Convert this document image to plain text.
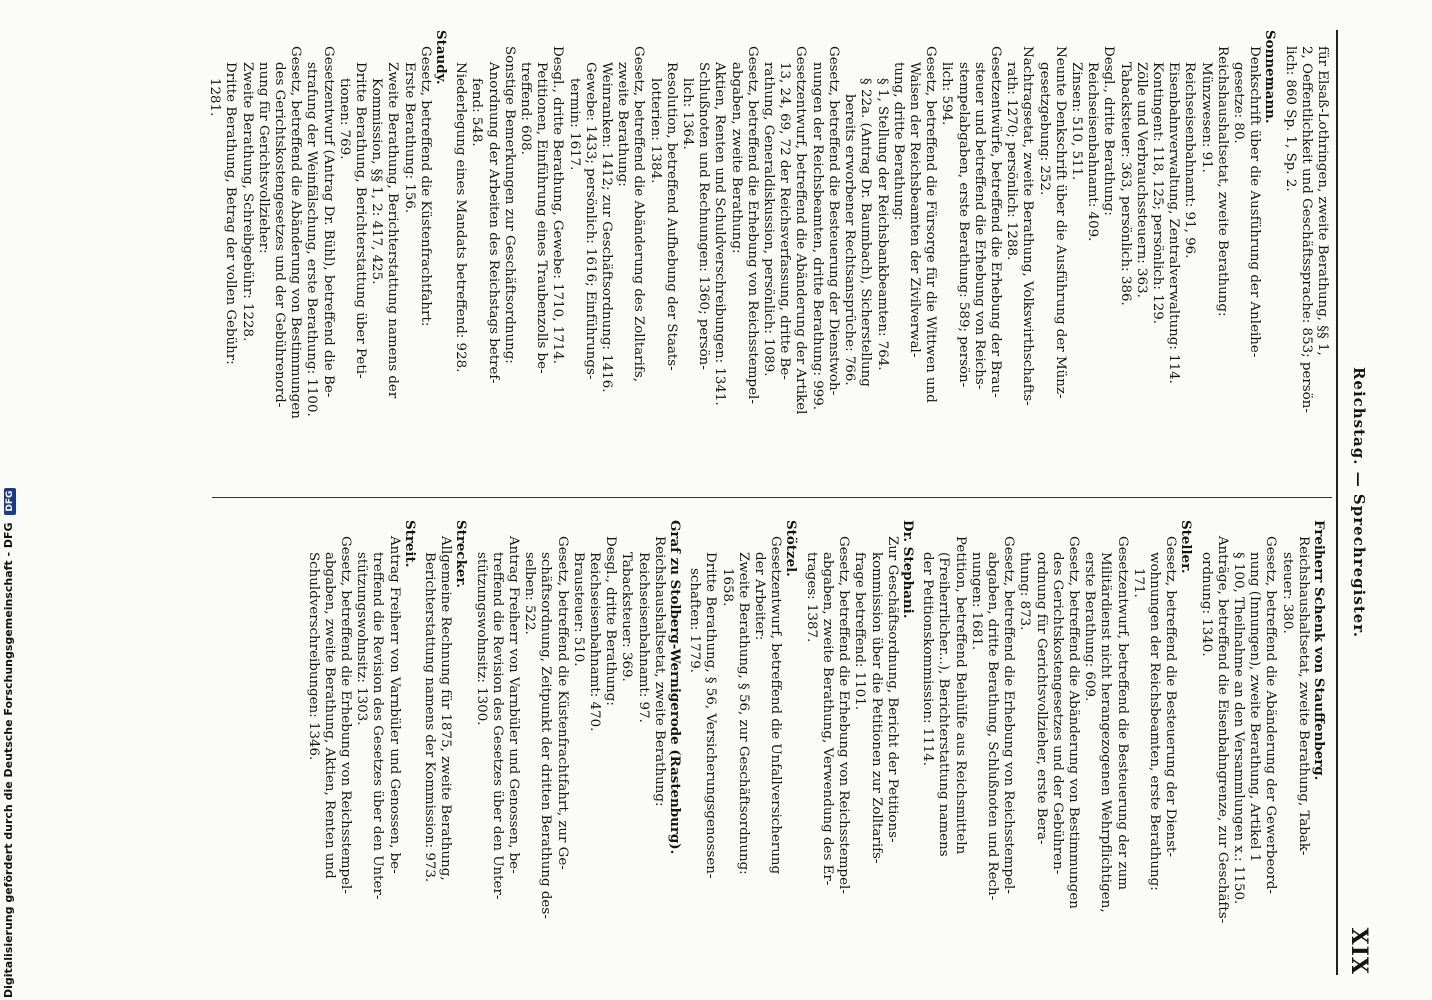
Reichstag. — Sprechregister.
XIX
für Elsaß-Lothringen, zweite Berathung, §§ 1,
2, Oeffentlichkeit und Geschäftssprache: 853; persön-
lich: 860 Sp. 1, Sp. 2.
Sonnemann.
Denkschrift über die Ausführung der Anleihe-
gesetze: 80.
Reichshaushaltsetat, zweite Berathung:
Münzwesen: 91.
Reichseisenbahnamt: 91, 96.
Eisenbahnverwaltung, Zentralverwaltung: 114.
Kontingent: 118, 125; persönlich: 129.
Zölle und Verbrauchssteuern: 363.
Tabacksteuer: 363, persönlich: 386.
Desgl., dritte Berathung:
Reichseisenbahnamt: 409.
Zinsen: 510, 511.
Neunte Denkschrift über die Ausführung der Münz-
gesetzgebung: 252.
Nachtragsetat, zweite Berathung, Volkswirthschafts-
rath: 1270; persönlich: 1288.
Gesetzentwürfe, betreffend die Erhebung der Brau-
steuer und betreffend die Erhebung von Reichs-
stempelabgaben, erste Berathung: 589; persön-
lich: 594.
Gesetz, betreffend die Fürsorge für die Wittwen und
Waisen der Reichsbeamten der Zivilverwal-
tung, dritte Berathung:
§ 1, Stellung der Reichsbankbeamten: 764.
§ 22a. (Antrag Dr. Baumbach), Sicherstellung
bereits erworbener Rechtsansprüche: 766.
Gesetz, betreffend die Besteuerung der Dienstwoh-
nungen der Reichsbeamten, dritte Berathung: 999.
Gesetzentwurf, betreffend die Abänderung der Artikel
13, 24, 69, 72 der Reichsverfassung, dritte Be-
rathung, Generaldiskussion, persönlich: 1089.
Gesetz, betreffend die Erhebung von Reichsstempel-
abgaben, zweite Berathung:
Aktien, Renten und Schuldverschreibungen: 1341.
Schlußnoten und Rechnungen: 1360; persön-
lich: 1364.
Resolution, betreffend Aufhebung der Staats-
lotterien: 1384.
Gesetz, betreffend die Abänderung des Zolltarifs,
zweite Berathung:
Weinranken: 1412; zur Geschäftsordnung: 1416.
Gewebe: 1433; persönlich: 1616; Einführungs-
termin: 1617.
Desgl., dritte Berathung, Gewebe: 1710, 1714.
Petitionen, Einführung eines Traubenzolls be-
treffend: 608.
Sonstige Bemerkungen zur Geschäftsordnung:
Anordnung der Arbeiten des Reichstags betref-
fend: 548.
Niederlegung eines Mandats betreffend: 928.
Staudy.
Gesetz, betreffend die Küstenfrachtfahrt:
Erste Berathung: 156.
Zweite Berathung, Berichterstattung namens der
Kommission, §§ 1, 2: 417, 425.
Dritte Berathung, Berichterstattung über Peti-
tionen: 769.
Gesetzentwurf (Antrag Dr. Bühl), betreffend die Be-
strafung der Weinfälschung, erste Berathung: 1100.
Gesetz, betreffend die Abänderung von Bestimmungen
des Gerichtskostengesetzes und der Gebührenord-
nung für Gerichtsvollzieher:
Zweite Berathung, Schreibgebühr: 1228.
Dritte Berathung, Betrag der vollen Gebühr:
1281.
Freiherr Schenk von Stauffenberg.
Reichshaushaltsetat, zweite Berathung, Tabak-
steuer: 380.
Gesetz, betreffend die Abänderung der Gewerbeord-
nung (Innungen), zweite Berathung, Artikel 1
§ 100, Theilnahme an den Versammlungen x.: 1150.
Anträge, betreffend die Eisenbahngrenze, zur Geschäfts-
ordnung: 1340.
Steller.
Gesetz, betreffend die Besteuerung der Dienst-
wohnungen der Reichsbeamten, erste Berathung:
171.
Gesetzentwurf, betreffend die Besteuerung der zum
Militärdienst nicht herangezogenen Wehrpflichtigen,
erste Berathung: 609.
Gesetz, betreffend die Abänderung von Bestimmungen
des Gerichtskostengesetzes und der Gebühren-
ordnung für Gerichtsvollzieher, erste Bera-
thung: 873.
Gesetz, betreffend die Erhebung von Reichsstempel-
abgaben, dritte Berathung, Schlußnoten und Rech-
nungen: 1681.
Petition, betreffend Beihülfe aus Reichsmitteln
(Freiherrlicher...), Berichterstattung namens
der Petitionskommission: 1114.
Dr. Stephani.
Zur Geschäftsordnung, Bericht der Petitions-
kommission über die Petitionen zur Zolltarifs-
frage betreffend: 1101.
Gesetz, betreffend die Erhebung von Reichsstempel-
abgaben, zweite Berathung, Verwendung des Er-
trages: 1387.
Stötzel.
Gesetzentwurf, betreffend die Unfallversicherung
der Arbeiter:
Zweite Berathung, § 56, zur Geschäftsordnung:
1658.
Dritte Berathung, § 56, Versicherungsgenossen-
schaften: 1779.
Graf zu Stolberg-Wernigerode (Rastenburg).
Reichshaushaltsetat, zweite Berathung:
Reichseisenbahnamt: 97.
Tabacksteuer: 369.
Desgl., dritte Berathung:
Reichseisenbahnamt: 470.
Brausteuer: 510.
Gesetz, betreffend die Küstenfrachtfahrt, zur Ge-
schäftsordnung, Zeitpunkt der dritten Berathung des-
selben: 522.
Antrag Freiherr von Varnbüler und Genossen, be-
treffend die Revision des Gesetzes über den Unter-
stützungswohnsitz: 1300.
Strecker.
Allgemeine Rechnung für 1875, zweite Berathung,
Berichterstattung namens der Kommission: 973.
Streit.
Antrag Freiherr von Varnbüler und Genossen, be-
treffend die Revision des Gesetzes über den Unter-
stützungswohnsitz: 1303.
Gesetz, betreffend die Erhebung von Reichsstempel-
abgaben, zweite Berathung, Aktien, Renten und
Schuldverschreibungen: 1346.
Digitalisierung gefördert durch die Deutsche Forschungsgemeinschaft - DFG DFG
